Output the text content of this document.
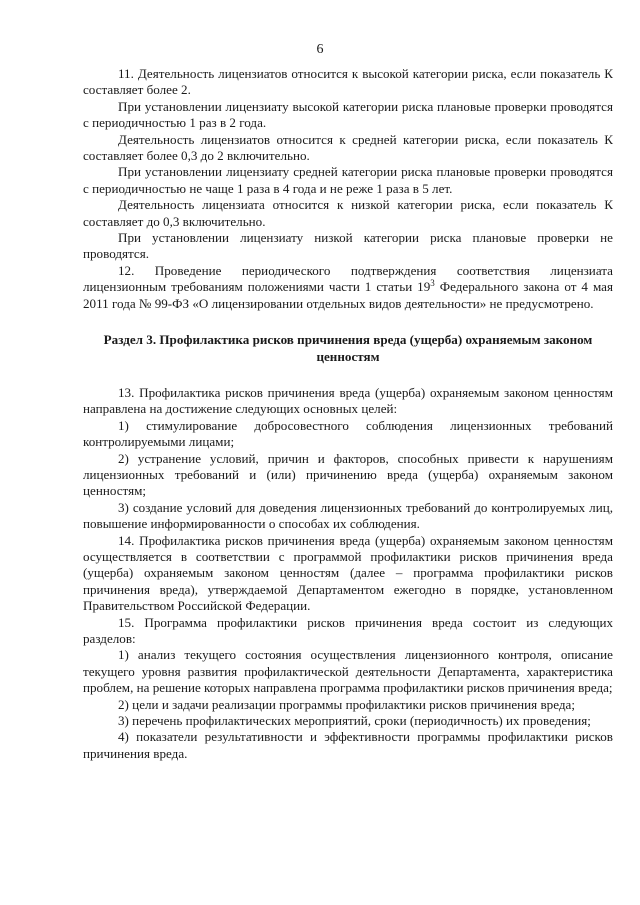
6

11. Деятельность лицензиатов относится к высокой категории риска, если показатель К составляет более 2.

При установлении лицензиату высокой категории риска плановые проверки проводятся с периодичностью 1 раз в 2 года.

Деятельность лицензиатов относится к средней категории риска, если показатель К составляет более 0,3 до 2 включительно.

При установлении лицензиату средней категории риска плановые проверки проводятся с периодичностью не чаще 1 раза в 4 года и не реже 1 раза в 5 лет.

Деятельность лицензиата относится к низкой категории риска, если показатель К составляет до 0,3 включительно.

При установлении лицензиату низкой категории риска плановые проверки не проводятся.

12. Проведение периодического подтверждения соответствия лицензиата лицензионным требованиям положениями части 1 статьи $19^3$ Федерального закона от 4 мая 2011 года № 99-ФЗ «О лицензировании отдельных видов деятельности» не предусмотрено.

Раздел 3. Профилактика рисков причинения вреда (ущерба) охраняемым законом ценностям

13. Профилактика рисков причинения вреда (ущерба) охраняемым законом ценностям направлена на достижение следующих основных целей:

1) стимулирование добросовестного соблюдения лицензионных требований контролируемыми лицами;

2) устранение условий, причин и факторов, способных привести к нарушениям лицензионных требований и (или) причинению вреда (ущерба) охраняемым законом ценностям;

3) создание условий для доведения лицензионных требований до контролируемых лиц, повышение информированности о способах их соблюдения.

14. Профилактика рисков причинения вреда (ущерба) охраняемым законом ценностям осуществляется в соответствии с программой профилактики рисков причинения вреда (ущерба) охраняемым законом ценностям (далее – программа профилактики рисков причинения вреда), утверждаемой Департаментом ежегодно в порядке, установленном Правительством Российской Федерации.

15. Программа профилактики рисков причинения вреда состоит из следующих разделов:

1) анализ текущего состояния осуществления лицензионного контроля, описание текущего уровня развития профилактической деятельности Департамента, характеристика проблем, на решение которых направлена программа профилактики рисков причинения вреда;

2) цели и задачи реализации программы профилактики рисков причинения вреда;

3) перечень профилактических мероприятий, сроки (периодичность) их проведения;

4) показатели результативности и эффективности программы профилактики рисков причинения вреда.
